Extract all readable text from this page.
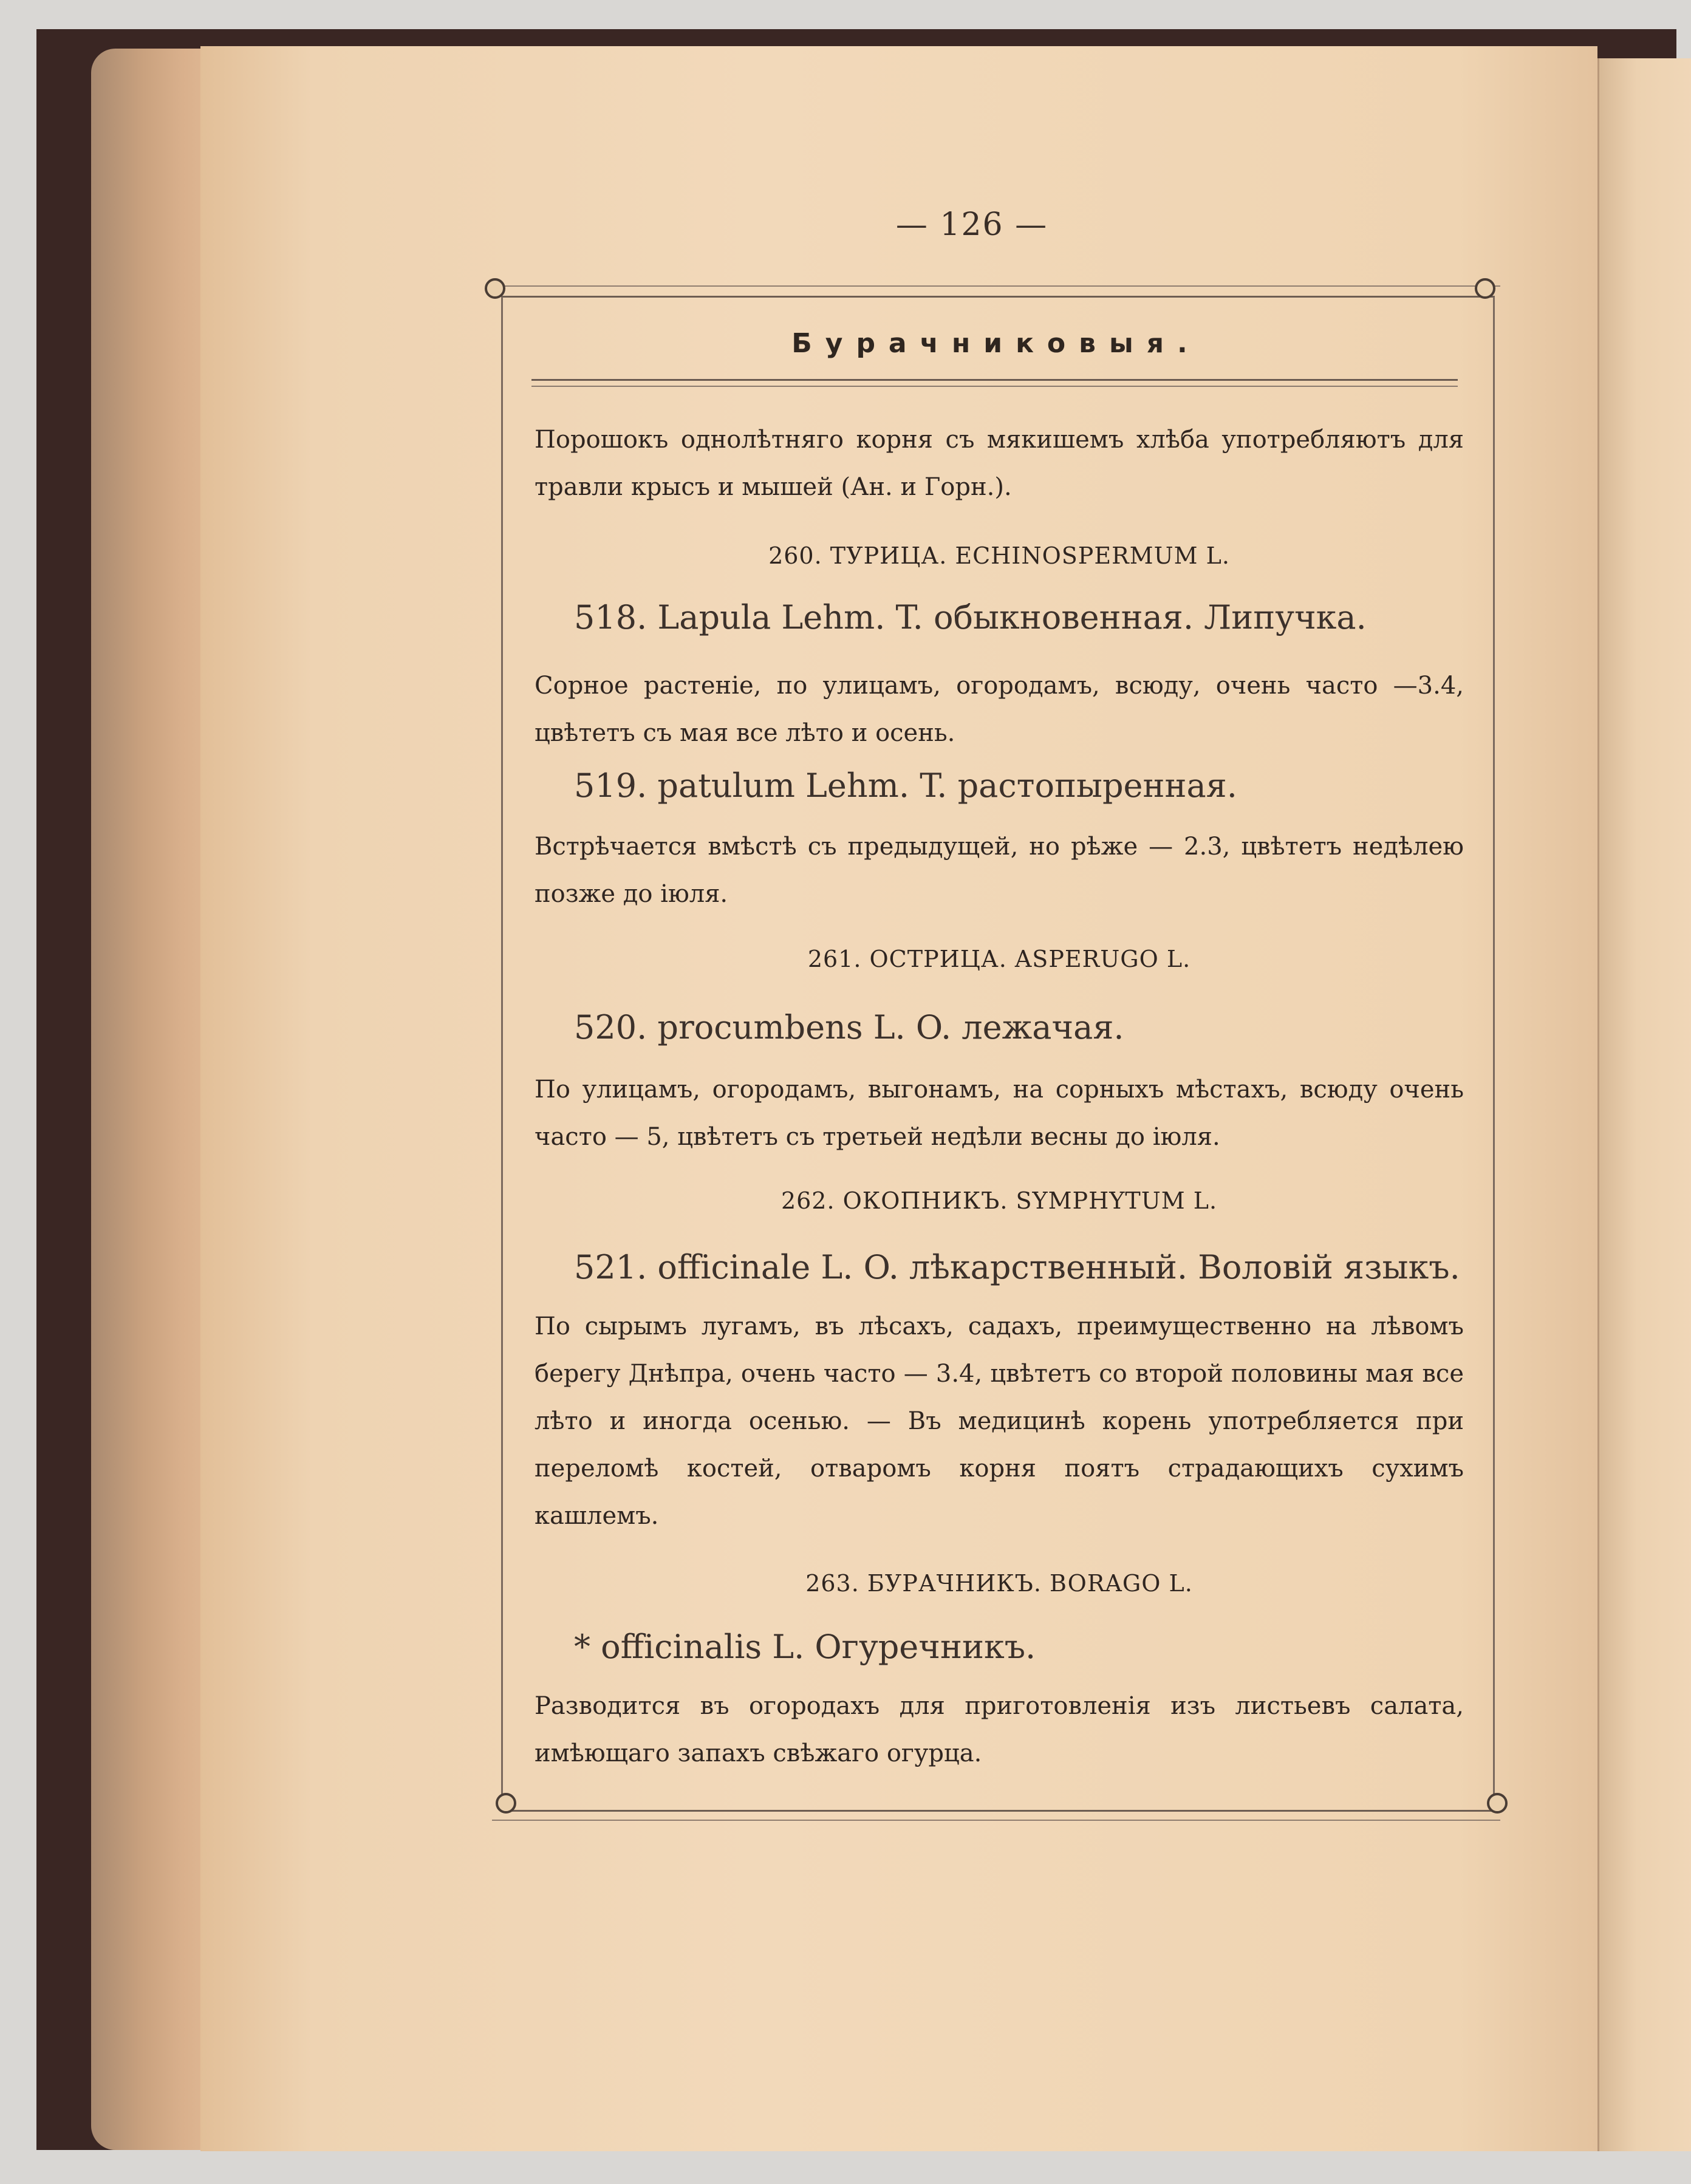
— 126 —
Бурачниковыя.
Порошокъ однолѣтняго корня съ мякишемъ хлѣба употребляютъ для травли крысъ и мышей (Ан. и Горн.).
260. ТУРИЦА. ECHINOSPERMUM L.
518. Lapula Lehm. T. обыкновенная. Липучка.
Сорное растеніе, по улицамъ, огородамъ, всюду, очень часто —3.4, цвѣтетъ съ мая все лѣто и осень.
519. patulum Lehm. T. растопыренная.
Встрѣчается вмѣстѣ съ предыдущей, но рѣже — 2.3, цвѣтетъ недѣлею позже до іюля.
261. ОСТРИЦА. ASPERUGO L.
520. procumbens L. O. лежачая.
По улицамъ, огородамъ, выгонамъ, на сорныхъ мѣстахъ, всюду очень часто — 5, цвѣтетъ съ третьей недѣли весны до іюля.
262. ОКОПНИКЪ. SYMPHYTUM L.
521. officinale L. O. лѣкарственный. Воловій языкъ.
По сырымъ лугамъ, въ лѣсахъ, садахъ, преимущественно на лѣвомъ берегу Днѣпра, очень часто — 3.4, цвѣтетъ со второй половины мая все лѣто и иногда осенью. — Въ медицинѣ корень употребляется при переломѣ костей, отваромъ корня поятъ страдающихъ сухимъ кашлемъ.
263. БУРАЧНИКЪ. BORAGO L.
* officinalis L. Огуречникъ.
Разводится въ огородахъ для приготовленія изъ листьевъ салата, имѣющаго запахъ свѣжаго огурца.
